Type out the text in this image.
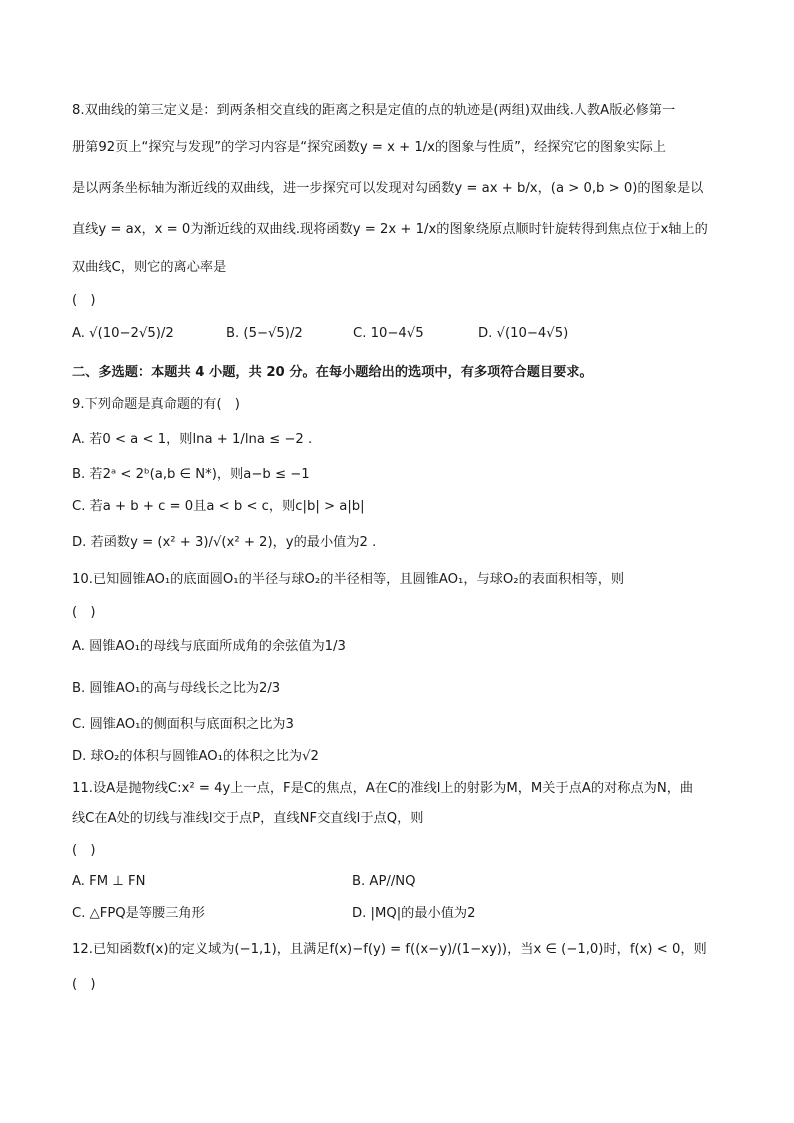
8.双曲线的第三定义是：到两条相交直线的距离之积是定值的点的轨迹是(两组)双曲线.人教A版必修第一
册第92页上“探究与发现”的学习内容是“探究函数y = x + 1/x的图象与性质”，经探究它的图象实际上
是以两条坐标轴为渐近线的双曲线，进一步探究可以发现对勾函数y = ax + b/x，(a > 0,b > 0)的图象是以
直线y = ax，x = 0为渐近线的双曲线.现将函数y = 2x + 1/x的图象绕原点顺时针旋转得到焦点位于x轴上的
双曲线C，则它的离心率是
(　)
A. √(10−2√5)/2	B. (5−√5)/2	C. 10−4√5	D. √(10−4√5)
二、多选题：本题共 4 小题，共 20 分。在每小题给出的选项中，有多项符合题目要求。
9.下列命题是真命题的有(　)
A. 若0 < a < 1，则lna + 1/lna ≤ −2 .
B. 若2ᵃ < 2ᵇ(a,b ∈ N*)，则a−b ≤ −1
C. 若a + b + c = 0且a < b < c，则c|b| > a|b|
D. 若函数y = (x² + 3)/√(x² + 2)，y的最小值为2 .
10.已知圆锥AO₁的底面圆O₁的半径与球O₂的半径相等，且圆锥AO₁，与球O₂的表面积相等，则
(　)
A. 圆锥AO₁的母线与底面所成角的余弦值为1/3
B. 圆锥AO₁的高与母线长之比为2/3
C. 圆锥AO₁的侧面积与底面积之比为3
D. 球O₂的体积与圆锥AO₁的体积之比为√2
11.设A是抛物线C:x² = 4y上一点，F是C的焦点，A在C的准线l上的射影为M，M关于点A的对称点为N，曲
线C在A处的切线与准线l交于点P，直线NF交直线l于点Q，则
(　)
A. FM ⊥ FN	B. AP//NQ
C. △FPQ是等腰三角形	D. |MQ|的最小值为2
12.已知函数f(x)的定义域为(−1,1)，且满足f(x)−f(y) = f((x−y)/(1−xy))，当x ∈ (−1,0)时，f(x) < 0，则
(　)
